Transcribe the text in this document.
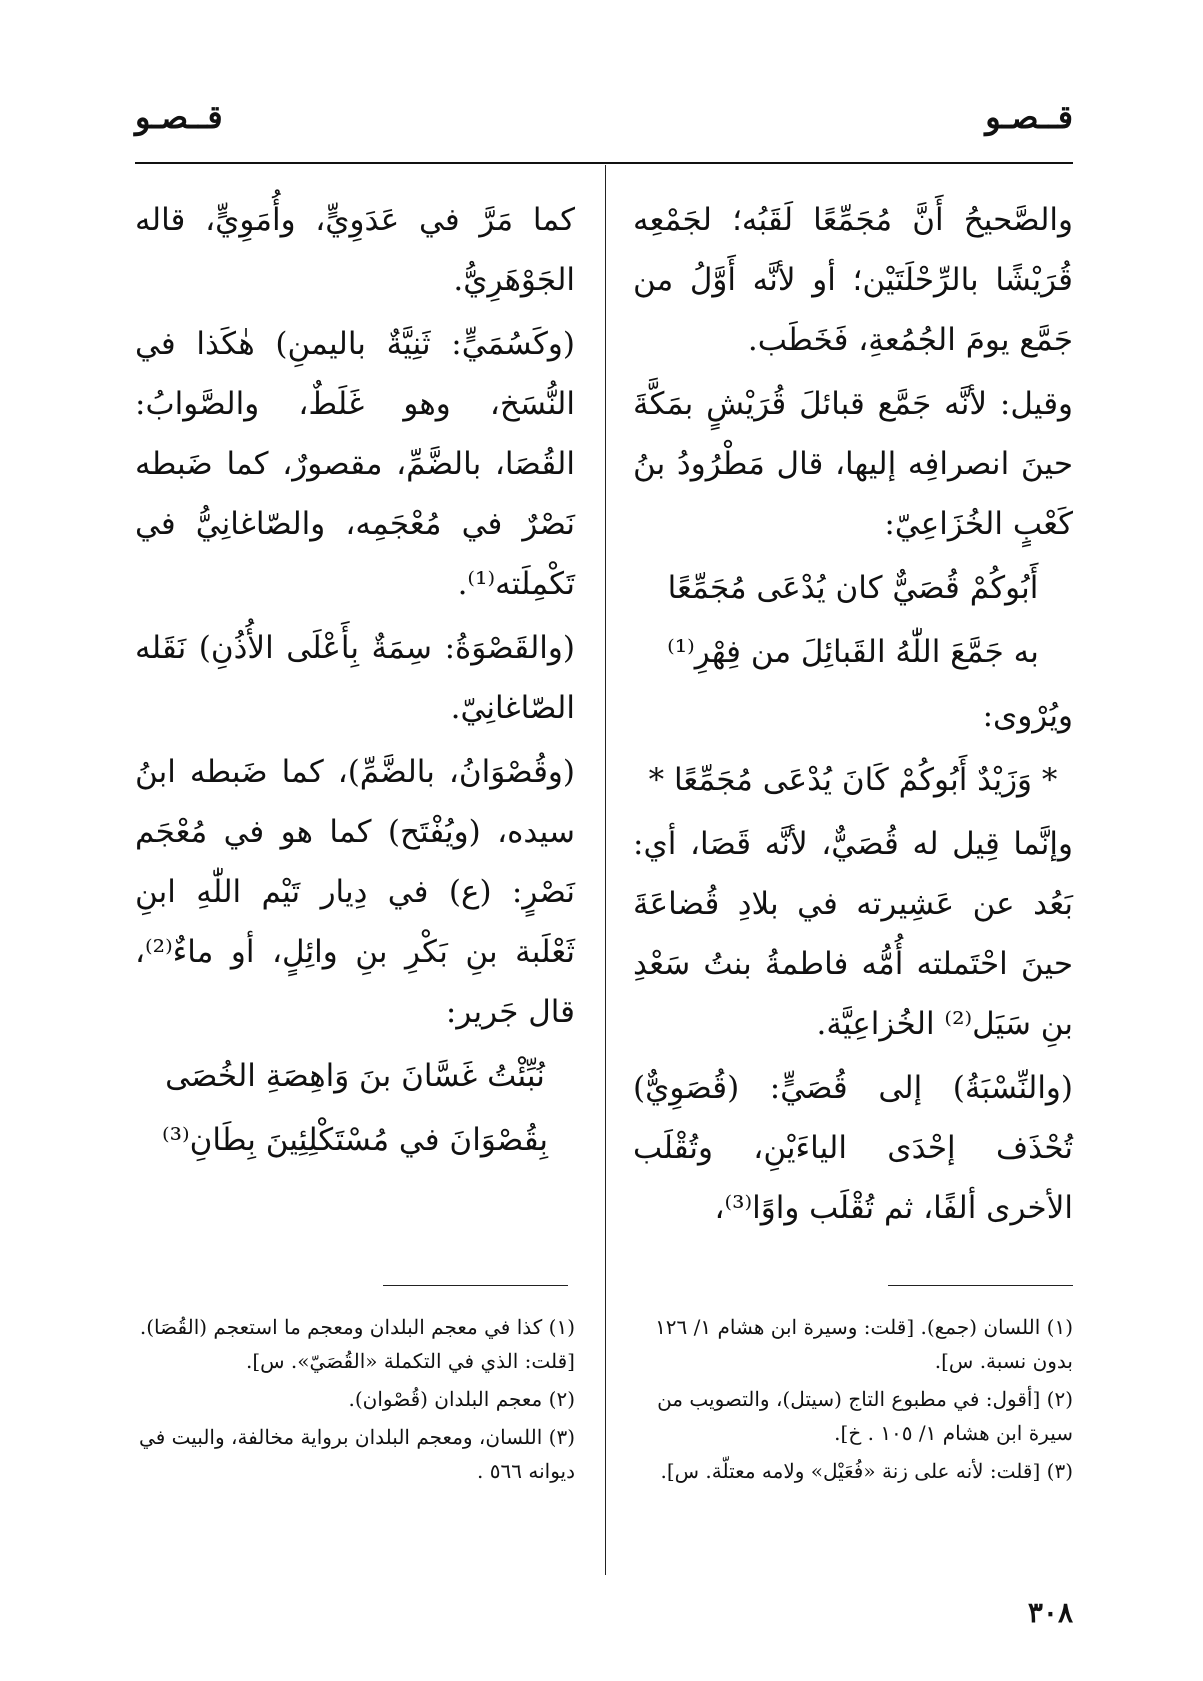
قــصـو
قــصـو

والصَّحيحُ أَنَّ مُجَمِّعًا لَقَبُه؛ لجَمْعِه قُرَيْشًا بالرِّحْلَتَيْن؛ أو لأنَّه أَوَّلُ من جَمَّع يومَ الجُمُعةِ، فَخَطَب.

وقيل: لأنَّه جَمَّع قبائلَ قُرَيْشٍ بمَكَّةَ حينَ انصرافِه إليها، قال مَطْرُودُ بنُ كَعْبٍ الخُزَاعِيّ:

أَبُوكُمْ قُصَيٌّ كان يُدْعَى مُجَمِّعًا

به جَمَّعَ اللّٰهُ القَبائِلَ من فِهْرِ⁽¹⁾

ويُرْوى:

* وَزَيْدٌ أَبُوكُمْ كَانَ يُدْعَى مُجَمِّعًا *

وإنَّما قِيل له قُصَيٌّ، لأنَّه قَصَا، أي: بَعُد عن عَشِيرته في بلادِ قُضاعَةَ حينَ احْتَملته أُمُّه فاطمةُ بنتُ سَعْدِ بنِ سَيَل⁽²⁾ الخُزاعِيَّة.

(والنِّسْبَةُ) إلى قُصَيٍّ: (قُصَوِيٌّ) تُحْذَف إحْدَى الياءَيْنِ، وتُقْلَب الأخرى ألفًا، ثم تُقْلَب واوًا⁽³⁾،

كما مَرَّ في عَدَوِيٍّ، وأُمَوِيٍّ، قاله الجَوْهَرِيُّ.

(وكَسُمَيٍّ: ثَنِيَّةٌ باليمنِ) هٰكَذا في النُّسَخ، وهو غَلَطٌ، والصَّوابُ: القُصَا، بالضَّمِّ، مقصورٌ، كما ضَبطه نَصْرٌ في مُعْجَمِه، والصّاغانِيُّ في تَكْمِلَته⁽¹⁾.

(والقَصْوَةُ: سِمَةٌ بِأَعْلَى الأُذُنِ) نَقَله الصّاغانِيّ.

(وقُصْوَانُ، بالضَّمِّ)، كما ضَبطه ابنُ سيده، (ويُفْتَح) كما هو في مُعْجَم نَصْرٍ: (ع) في دِيار تَيْم اللّٰهِ ابنِ ثَعْلَبة بنِ بَكْرِ بنِ وائِلٍ، أو ماءٌ⁽²⁾، قال جَرير:

نُبِّئْتُ غَسَّانَ بنَ وَاهِصَةِ الخُصَى

بِقُصْوَانَ في مُسْتَكْلِئِينَ بِطَانِ⁽³⁾

(١) اللسان (جمع). [قلت: وسيرة ابن هشام ١/ ١٢٦ بدون نسبة. س].

(٢) [أقول: في مطبوع التاج (سيتل)، والتصويب من سيرة ابن هشام ١/ ١٠٥ . خ].

(٣) [قلت: لأنه على زنة «فُعَيْل» ولامه معتلّة. س].

(١) كذا في معجم البلدان ومعجم ما استعجم (القُصَا). [قلت: الذي في التكملة «القُصَيّ». س].

(٢) معجم البلدان (قُصْوان).

(٣) اللسان، ومعجم البلدان برواية مخالفة، والبيت في ديوانه ٥٦٦ .

٣٠٨
